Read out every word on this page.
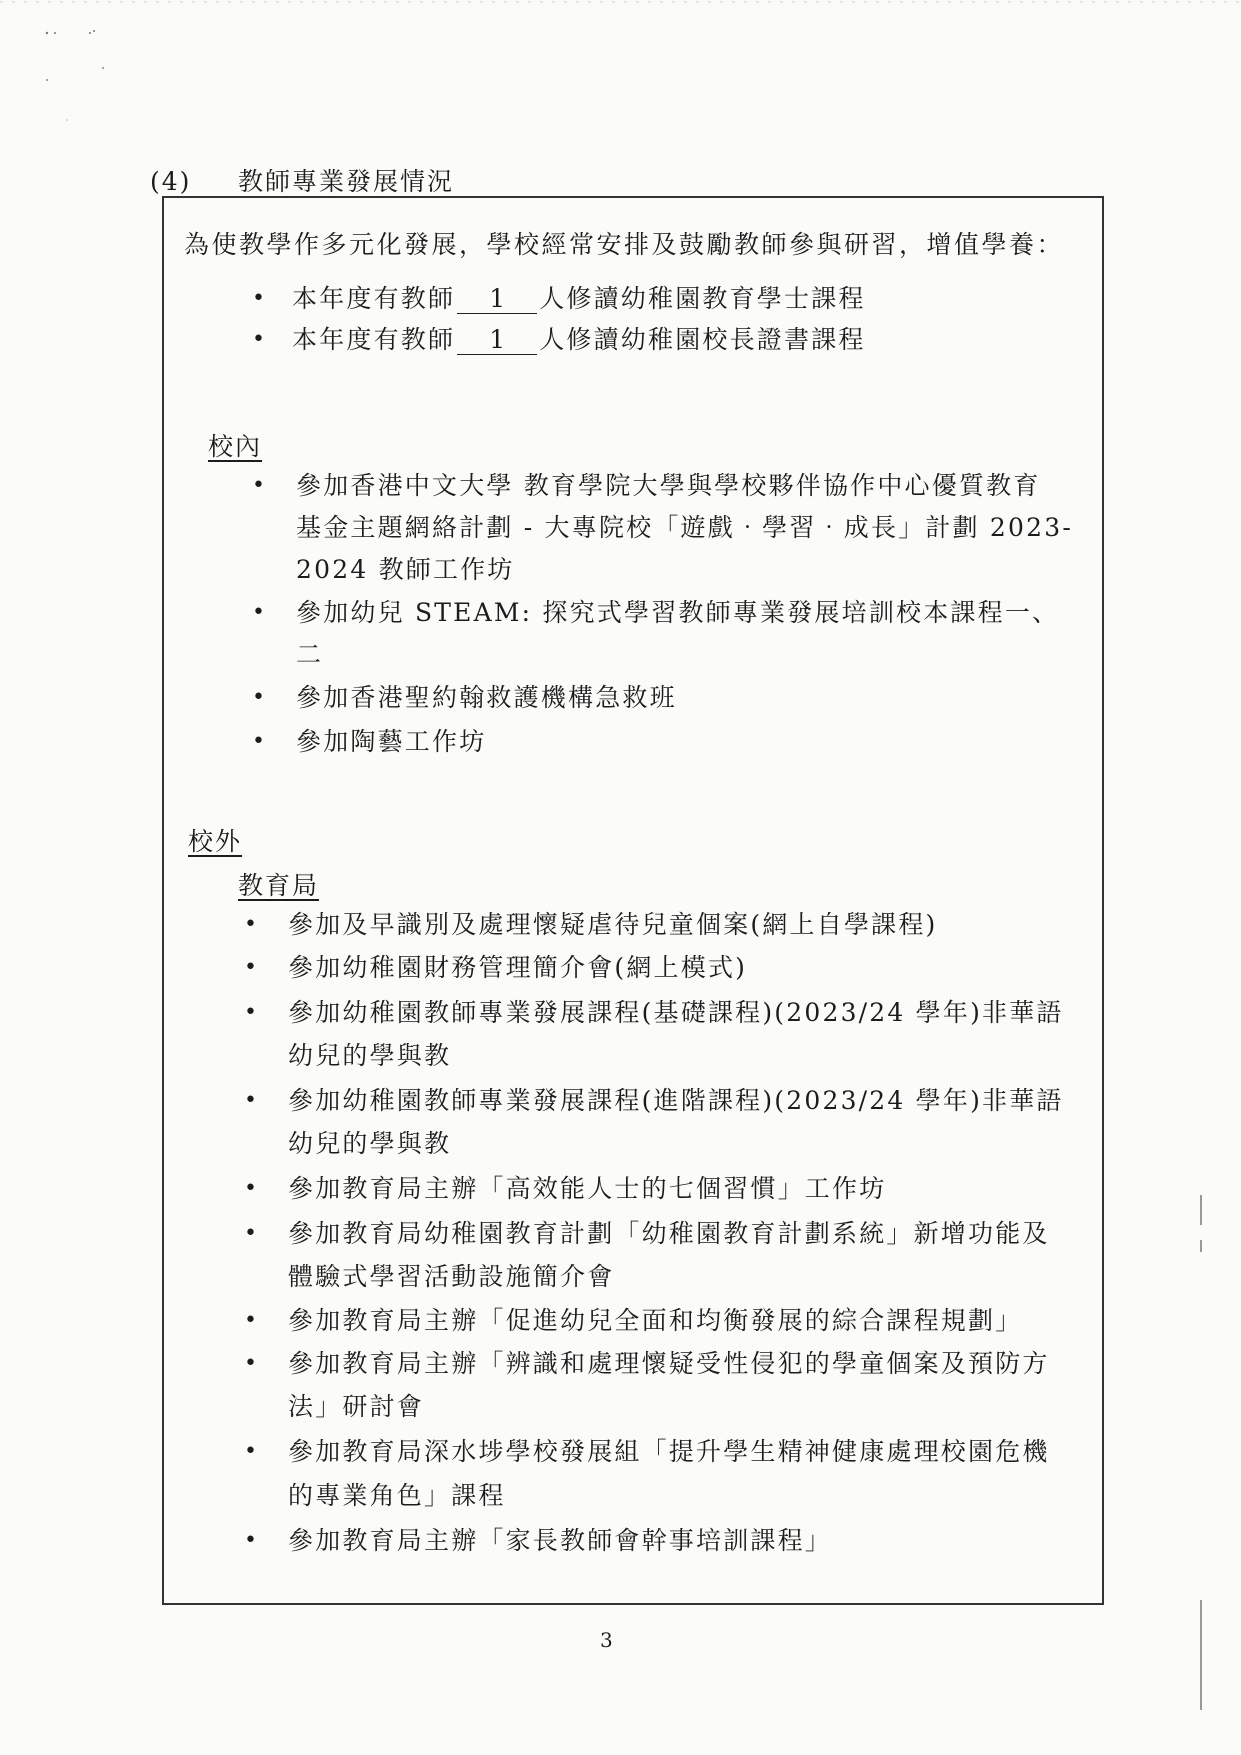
(4) 教師專業發展情況
為使教學作多元化發展，學校經常安排及鼓勵教師參與研習，增值學養：
• 本年度有教師 1 人修讀幼稚園教育學士課程
• 本年度有教師 1 人修讀幼稚園校長證書課程
校內
• 參加香港中文大學 教育學院大學與學校夥伴協作中心優質教育
基金主題網絡計劃 - 大專院校「遊戲‧學習‧成長」計劃 2023-
2024 教師工作坊
• 參加幼兒 STEAM: 探究式學習教師專業發展培訓校本課程一、
二
• 參加香港聖約翰救護機構急救班
• 參加陶藝工作坊
校外
教育局
• 參加及早識別及處理懷疑虐待兒童個案(網上自學課程)
• 參加幼稚園財務管理簡介會(網上模式)
• 參加幼稚園教師專業發展課程(基礎課程)(2023/24 學年)非華語
幼兒的學與教
• 參加幼稚園教師專業發展課程(進階課程)(2023/24 學年)非華語
幼兒的學與教
• 參加教育局主辦「高效能人士的七個習慣」工作坊
• 參加教育局幼稚園教育計劃「幼稚園教育計劃系統」新增功能及
體驗式學習活動設施簡介會
• 參加教育局主辦「促進幼兒全面和均衡發展的綜合課程規劃」
• 參加教育局主辦「辨識和處理懷疑受性侵犯的學童個案及預防方
法」研討會
• 參加教育局深水埗學校發展組「提升學生精神健康處理校園危機
的專業角色」課程
• 參加教育局主辦「家長教師會幹事培訓課程」
3
